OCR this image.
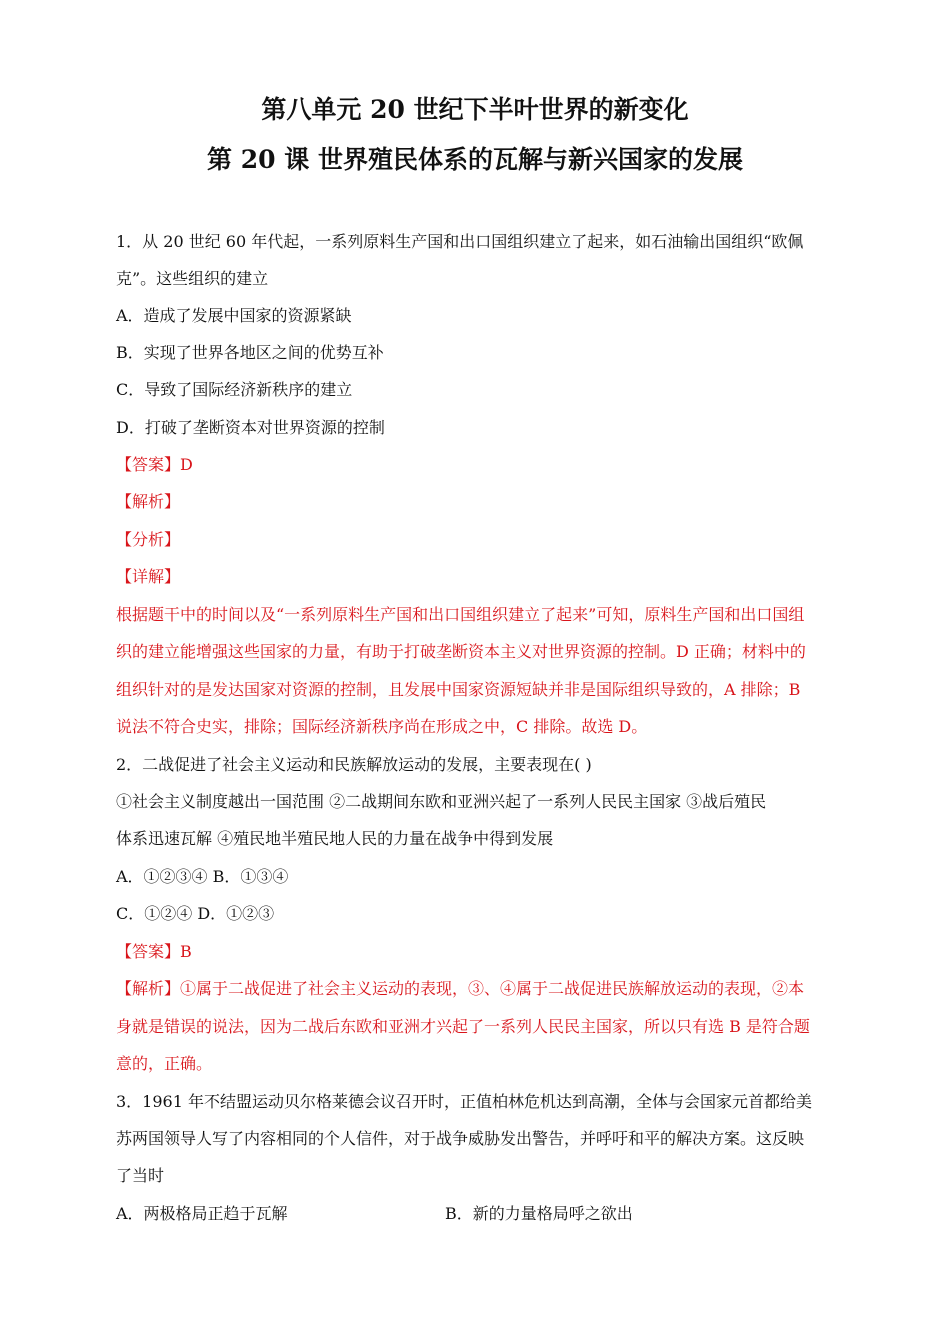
第八单元 20 世纪下半叶世界的新变化
第 20 课 世界殖民体系的瓦解与新兴国家的发展
1．从 20 世纪 60 年代起，一系列原料生产国和出口国组织建立了起来，如石油输出国组织“欧佩
克”。这些组织的建立
A．造成了发展中国家的资源紧缺
B．实现了世界各地区之间的优势互补
C．导致了国际经济新秩序的建立
D．打破了垄断资本对世界资源的控制
【答案】D
【解析】
【分析】
【详解】
根据题干中的时间以及“一系列原料生产国和出口国组织建立了起来”可知，原料生产国和出口国组
织的建立能增强这些国家的力量，有助于打破垄断资本主义对世界资源的控制。D 正确；材料中的
组织针对的是发达国家对资源的控制，且发展中国家资源短缺并非是国际组织导致的，A 排除；B
说法不符合史实，排除；国际经济新秩序尚在形成之中，C 排除。故选 D。
2．二战促进了社会主义运动和民族解放运动的发展，主要表现在( )
①社会主义制度越出一国范围 ②二战期间东欧和亚洲兴起了一系列人民民主国家 ③战后殖民
体系迅速瓦解 ④殖民地半殖民地人民的力量在战争中得到发展
A．①②③④ B．①③④
C．①②④ D．①②③
【答案】B
【解析】①属于二战促进了社会主义运动的表现，③、④属于二战促进民族解放运动的表现，②本
身就是错误的说法，因为二战后东欧和亚洲才兴起了一系列人民民主国家，所以只有选 B 是符合题
意的，正确。
3．1961 年不结盟运动贝尔格莱德会议召开时，正值柏林危机达到高潮，全体与会国家元首都给美
苏两国领导人写了内容相同的个人信件，对于战争威胁发出警告，并呼吁和平的解决方案。这反映
了当时
A．两极格局正趋于瓦解	B．新的力量格局呼之欲出
